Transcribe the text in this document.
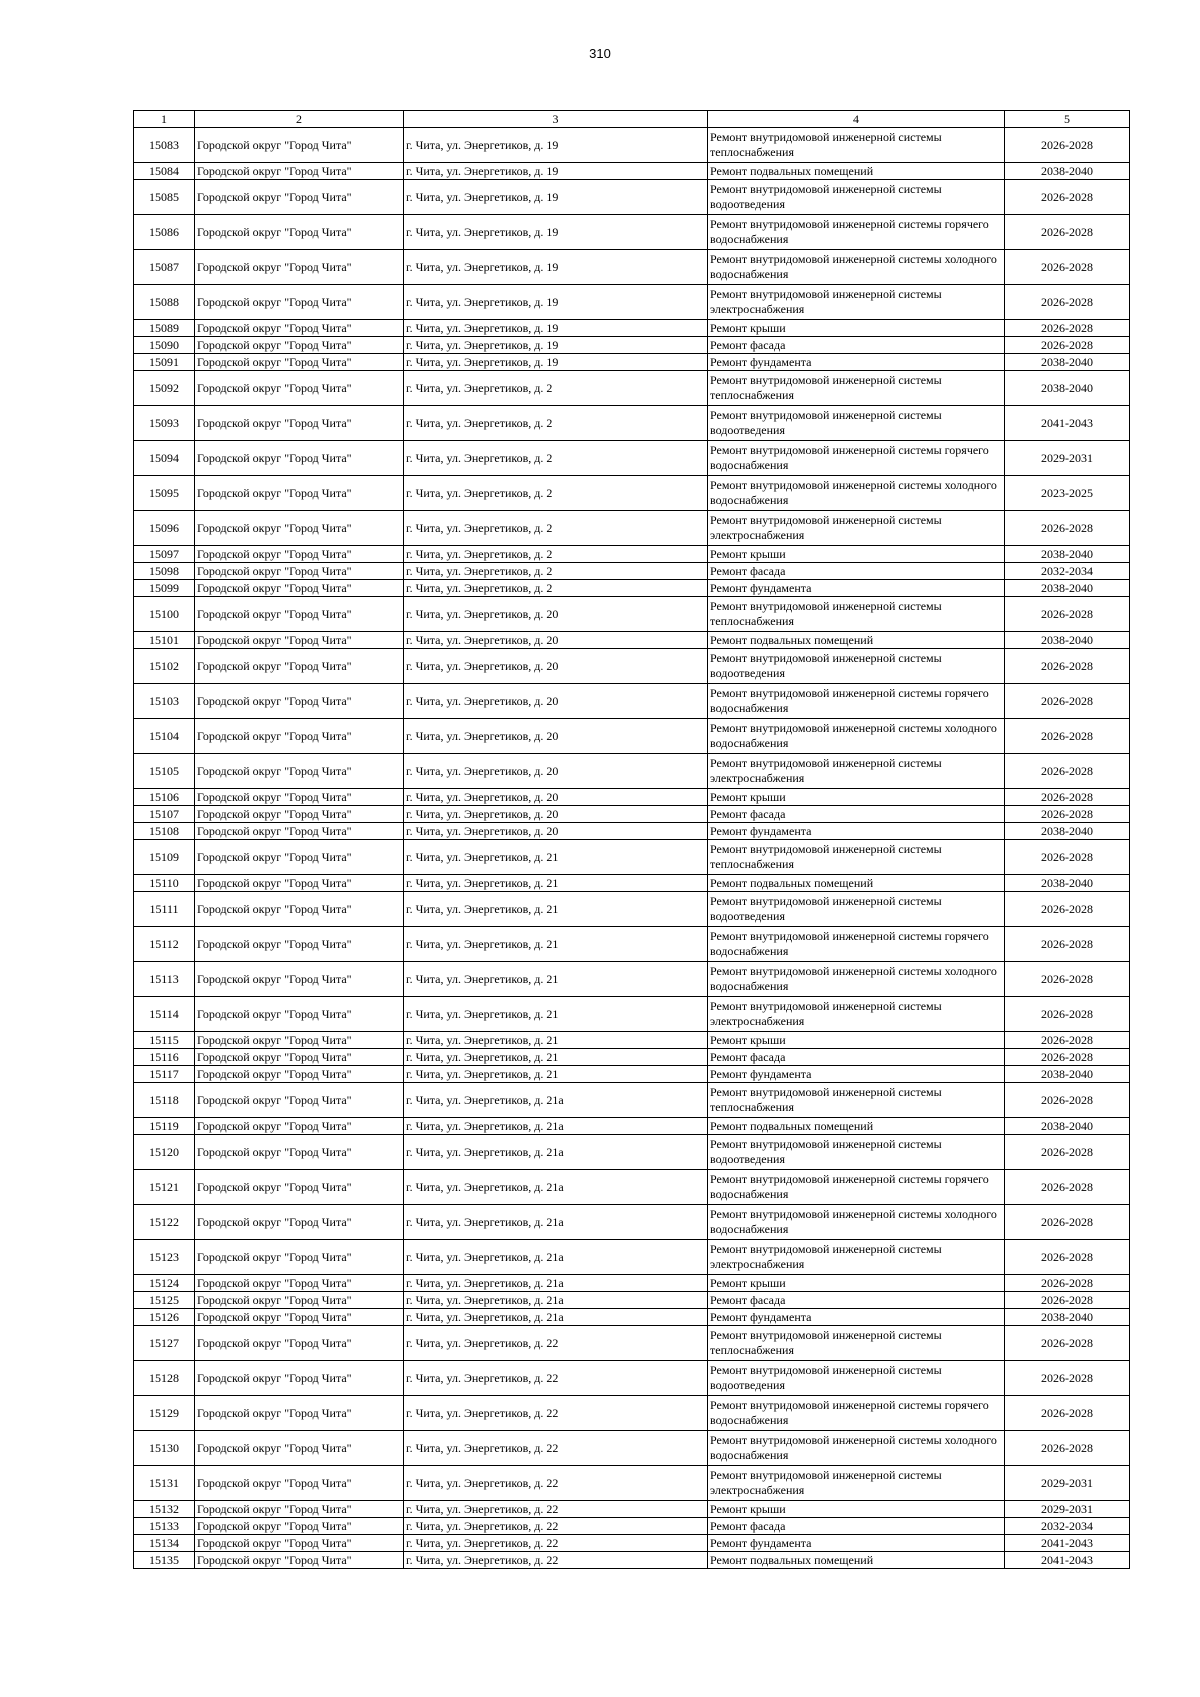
310
1	2	3	4	5
15083	Городской округ "Город Чита"	г. Чита, ул. Энергетиков, д. 19	Ремонт внутридомовой инженерной системы теплоснабжения	2026-2028
15084	Городской округ "Город Чита"	г. Чита, ул. Энергетиков, д. 19	Ремонт подвальных помещений	2038-2040
15085	Городской округ "Город Чита"	г. Чита, ул. Энергетиков, д. 19	Ремонт внутридомовой инженерной системы водоотведения	2026-2028
15086	Городской округ "Город Чита"	г. Чита, ул. Энергетиков, д. 19	Ремонт внутридомовой инженерной системы горячего водоснабжения	2026-2028
15087	Городской округ "Город Чита"	г. Чита, ул. Энергетиков, д. 19	Ремонт внутридомовой инженерной системы холодного водоснабжения	2026-2028
15088	Городской округ "Город Чита"	г. Чита, ул. Энергетиков, д. 19	Ремонт внутридомовой инженерной системы электроснабжения	2026-2028
15089	Городской округ "Город Чита"	г. Чита, ул. Энергетиков, д. 19	Ремонт крыши	2026-2028
15090	Городской округ "Город Чита"	г. Чита, ул. Энергетиков, д. 19	Ремонт фасада	2026-2028
15091	Городской округ "Город Чита"	г. Чита, ул. Энергетиков, д. 19	Ремонт фундамента	2038-2040
15092	Городской округ "Город Чита"	г. Чита, ул. Энергетиков, д. 2	Ремонт внутридомовой инженерной системы теплоснабжения	2038-2040
15093	Городской округ "Город Чита"	г. Чита, ул. Энергетиков, д. 2	Ремонт внутридомовой инженерной системы водоотведения	2041-2043
15094	Городской округ "Город Чита"	г. Чита, ул. Энергетиков, д. 2	Ремонт внутридомовой инженерной системы горячего водоснабжения	2029-2031
15095	Городской округ "Город Чита"	г. Чита, ул. Энергетиков, д. 2	Ремонт внутридомовой инженерной системы холодного водоснабжения	2023-2025
15096	Городской округ "Город Чита"	г. Чита, ул. Энергетиков, д. 2	Ремонт внутридомовой инженерной системы электроснабжения	2026-2028
15097	Городской округ "Город Чита"	г. Чита, ул. Энергетиков, д. 2	Ремонт крыши	2038-2040
15098	Городской округ "Город Чита"	г. Чита, ул. Энергетиков, д. 2	Ремонт фасада	2032-2034
15099	Городской округ "Город Чита"	г. Чита, ул. Энергетиков, д. 2	Ремонт фундамента	2038-2040
15100	Городской округ "Город Чита"	г. Чита, ул. Энергетиков, д. 20	Ремонт внутридомовой инженерной системы теплоснабжения	2026-2028
15101	Городской округ "Город Чита"	г. Чита, ул. Энергетиков, д. 20	Ремонт подвальных помещений	2038-2040
15102	Городской округ "Город Чита"	г. Чита, ул. Энергетиков, д. 20	Ремонт внутридомовой инженерной системы водоотведения	2026-2028
15103	Городской округ "Город Чита"	г. Чита, ул. Энергетиков, д. 20	Ремонт внутридомовой инженерной системы горячего водоснабжения	2026-2028
15104	Городской округ "Город Чита"	г. Чита, ул. Энергетиков, д. 20	Ремонт внутридомовой инженерной системы холодного водоснабжения	2026-2028
15105	Городской округ "Город Чита"	г. Чита, ул. Энергетиков, д. 20	Ремонт внутридомовой инженерной системы электроснабжения	2026-2028
15106	Городской округ "Город Чита"	г. Чита, ул. Энергетиков, д. 20	Ремонт крыши	2026-2028
15107	Городской округ "Город Чита"	г. Чита, ул. Энергетиков, д. 20	Ремонт фасада	2026-2028
15108	Городской округ "Город Чита"	г. Чита, ул. Энергетиков, д. 20	Ремонт фундамента	2038-2040
15109	Городской округ "Город Чита"	г. Чита, ул. Энергетиков, д. 21	Ремонт внутридомовой инженерной системы теплоснабжения	2026-2028
15110	Городской округ "Город Чита"	г. Чита, ул. Энергетиков, д. 21	Ремонт подвальных помещений	2038-2040
15111	Городской округ "Город Чита"	г. Чита, ул. Энергетиков, д. 21	Ремонт внутридомовой инженерной системы водоотведения	2026-2028
15112	Городской округ "Город Чита"	г. Чита, ул. Энергетиков, д. 21	Ремонт внутридомовой инженерной системы горячего водоснабжения	2026-2028
15113	Городской округ "Город Чита"	г. Чита, ул. Энергетиков, д. 21	Ремонт внутридомовой инженерной системы холодного водоснабжения	2026-2028
15114	Городской округ "Город Чита"	г. Чита, ул. Энергетиков, д. 21	Ремонт внутридомовой инженерной системы электроснабжения	2026-2028
15115	Городской округ "Город Чита"	г. Чита, ул. Энергетиков, д. 21	Ремонт крыши	2026-2028
15116	Городской округ "Город Чита"	г. Чита, ул. Энергетиков, д. 21	Ремонт фасада	2026-2028
15117	Городской округ "Город Чита"	г. Чита, ул. Энергетиков, д. 21	Ремонт фундамента	2038-2040
15118	Городской округ "Город Чита"	г. Чита, ул. Энергетиков, д. 21а	Ремонт внутридомовой инженерной системы теплоснабжения	2026-2028
15119	Городской округ "Город Чита"	г. Чита, ул. Энергетиков, д. 21а	Ремонт подвальных помещений	2038-2040
15120	Городской округ "Город Чита"	г. Чита, ул. Энергетиков, д. 21а	Ремонт внутридомовой инженерной системы водоотведения	2026-2028
15121	Городской округ "Город Чита"	г. Чита, ул. Энергетиков, д. 21а	Ремонт внутридомовой инженерной системы горячего водоснабжения	2026-2028
15122	Городской округ "Город Чита"	г. Чита, ул. Энергетиков, д. 21а	Ремонт внутридомовой инженерной системы холодного водоснабжения	2026-2028
15123	Городской округ "Город Чита"	г. Чита, ул. Энергетиков, д. 21а	Ремонт внутридомовой инженерной системы электроснабжения	2026-2028
15124	Городской округ "Город Чита"	г. Чита, ул. Энергетиков, д. 21а	Ремонт крыши	2026-2028
15125	Городской округ "Город Чита"	г. Чита, ул. Энергетиков, д. 21а	Ремонт фасада	2026-2028
15126	Городской округ "Город Чита"	г. Чита, ул. Энергетиков, д. 21а	Ремонт фундамента	2038-2040
15127	Городской округ "Город Чита"	г. Чита, ул. Энергетиков, д. 22	Ремонт внутридомовой инженерной системы теплоснабжения	2026-2028
15128	Городской округ "Город Чита"	г. Чита, ул. Энергетиков, д. 22	Ремонт внутридомовой инженерной системы водоотведения	2026-2028
15129	Городской округ "Город Чита"	г. Чита, ул. Энергетиков, д. 22	Ремонт внутридомовой инженерной системы горячего водоснабжения	2026-2028
15130	Городской округ "Город Чита"	г. Чита, ул. Энергетиков, д. 22	Ремонт внутридомовой инженерной системы холодного водоснабжения	2026-2028
15131	Городской округ "Город Чита"	г. Чита, ул. Энергетиков, д. 22	Ремонт внутридомовой инженерной системы электроснабжения	2029-2031
15132	Городской округ "Город Чита"	г. Чита, ул. Энергетиков, д. 22	Ремонт крыши	2029-2031
15133	Городской округ "Город Чита"	г. Чита, ул. Энергетиков, д. 22	Ремонт фасада	2032-2034
15134	Городской округ "Город Чита"	г. Чита, ул. Энергетиков, д. 22	Ремонт фундамента	2041-2043
15135	Городской округ "Город Чита"	г. Чита, ул. Энергетиков, д. 22	Ремонт подвальных помещений	2041-2043
